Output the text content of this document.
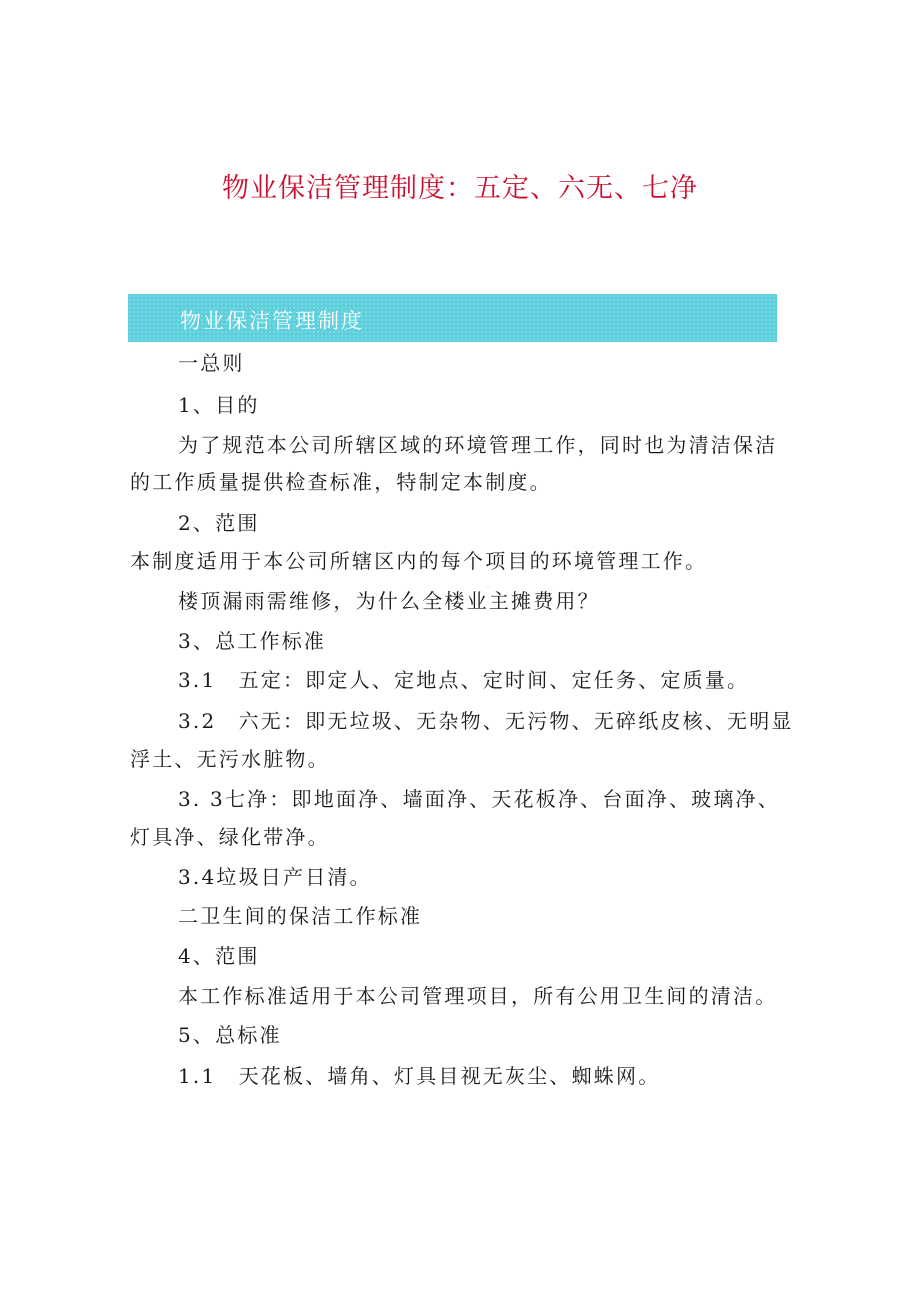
物业保洁管理制度：五定、六无、七净
物业保洁管理制度
一总则
1、目的
为了规范本公司所辖区域的环境管理工作，同时也为清洁保洁
的工作质量提供检查标准，特制定本制度。
2、范围
本制度适用于本公司所辖区内的每个项目的环境管理工作。
楼顶漏雨需维修，为什么全楼业主摊费用？
3、总工作标准
3.1　五定：即定人、定地点、定时间、定任务、定质量。
3.2　六无：即无垃圾、无杂物、无污物、无碎纸皮核、无明显
浮土、无污水脏物。
3. 3七净：即地面净、墙面净、天花板净、台面净、玻璃净、
灯具净、绿化带净。
3.4垃圾日产日清。
二卫生间的保洁工作标准
4、范围
本工作标准适用于本公司管理项目，所有公用卫生间的清洁。
5、总标准
1.1　天花板、墙角、灯具目视无灰尘、蜘蛛网。
